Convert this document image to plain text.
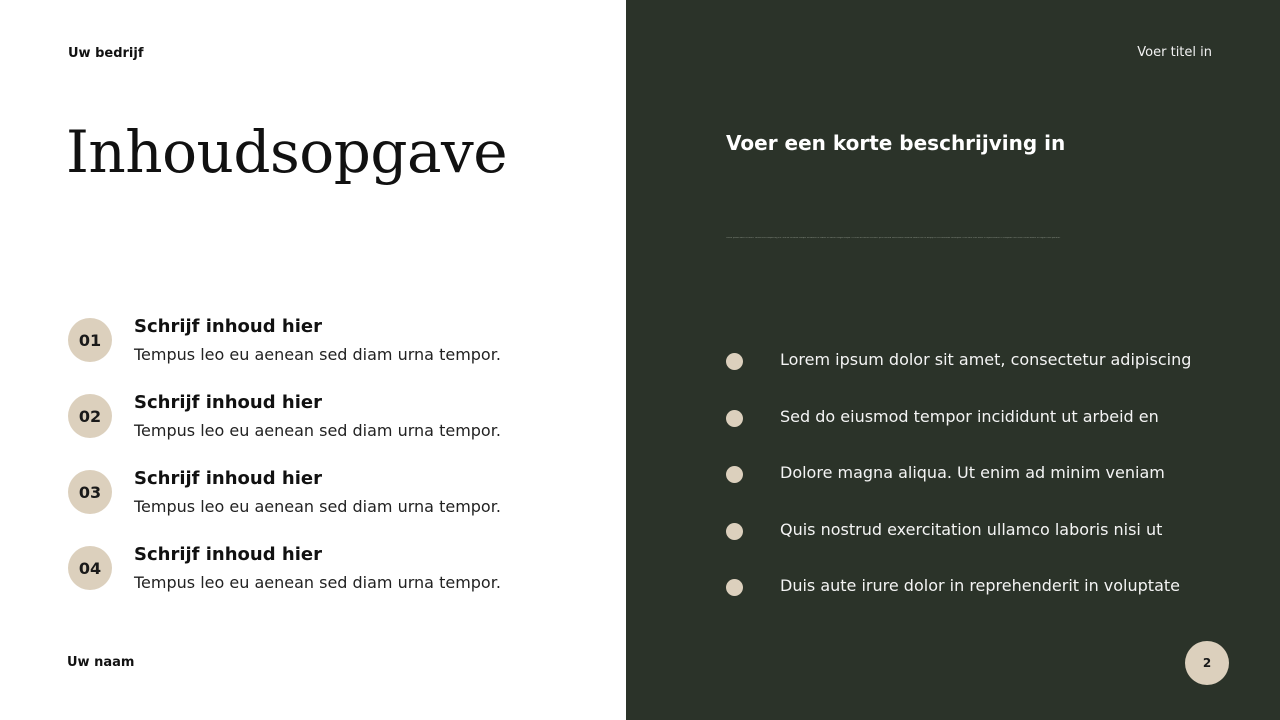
Uw bedrijf
Inhoudsopgave
01
Schrijf inhoud hier
Tempus leo eu aenean sed diam urna tempor.
02
Schrijf inhoud hier
Tempus leo eu aenean sed diam urna tempor.
03
Schrijf inhoud hier
Tempus leo eu aenean sed diam urna tempor.
04
Schrijf inhoud hier
Tempus leo eu aenean sed diam urna tempor.
Uw naam
Voer titel in
Voer een korte beschrijving in
Lorem ipsum dolor sit amet, consectetur adipiscing elit, sed do eiusmod tempor incididunt ut labore et dolore magna aliqua. Ut enim ad minim veniam, quis nostrud exercitation ullamco laboris nisi ut aliquip ex ea commodo consequat. Duis aute irure dolor in reprehenderit in voluptate velit esse cillum dolore eu fugiat nulla pariatur.
Lorem ipsum dolor sit amet, consectetur adipiscing
Sed do eiusmod tempor incididunt ut arbeid en
Dolore magna aliqua. Ut enim ad minim veniam
Quis nostrud exercitation ullamco laboris nisi ut
Duis aute irure dolor in reprehenderit in voluptate
2
